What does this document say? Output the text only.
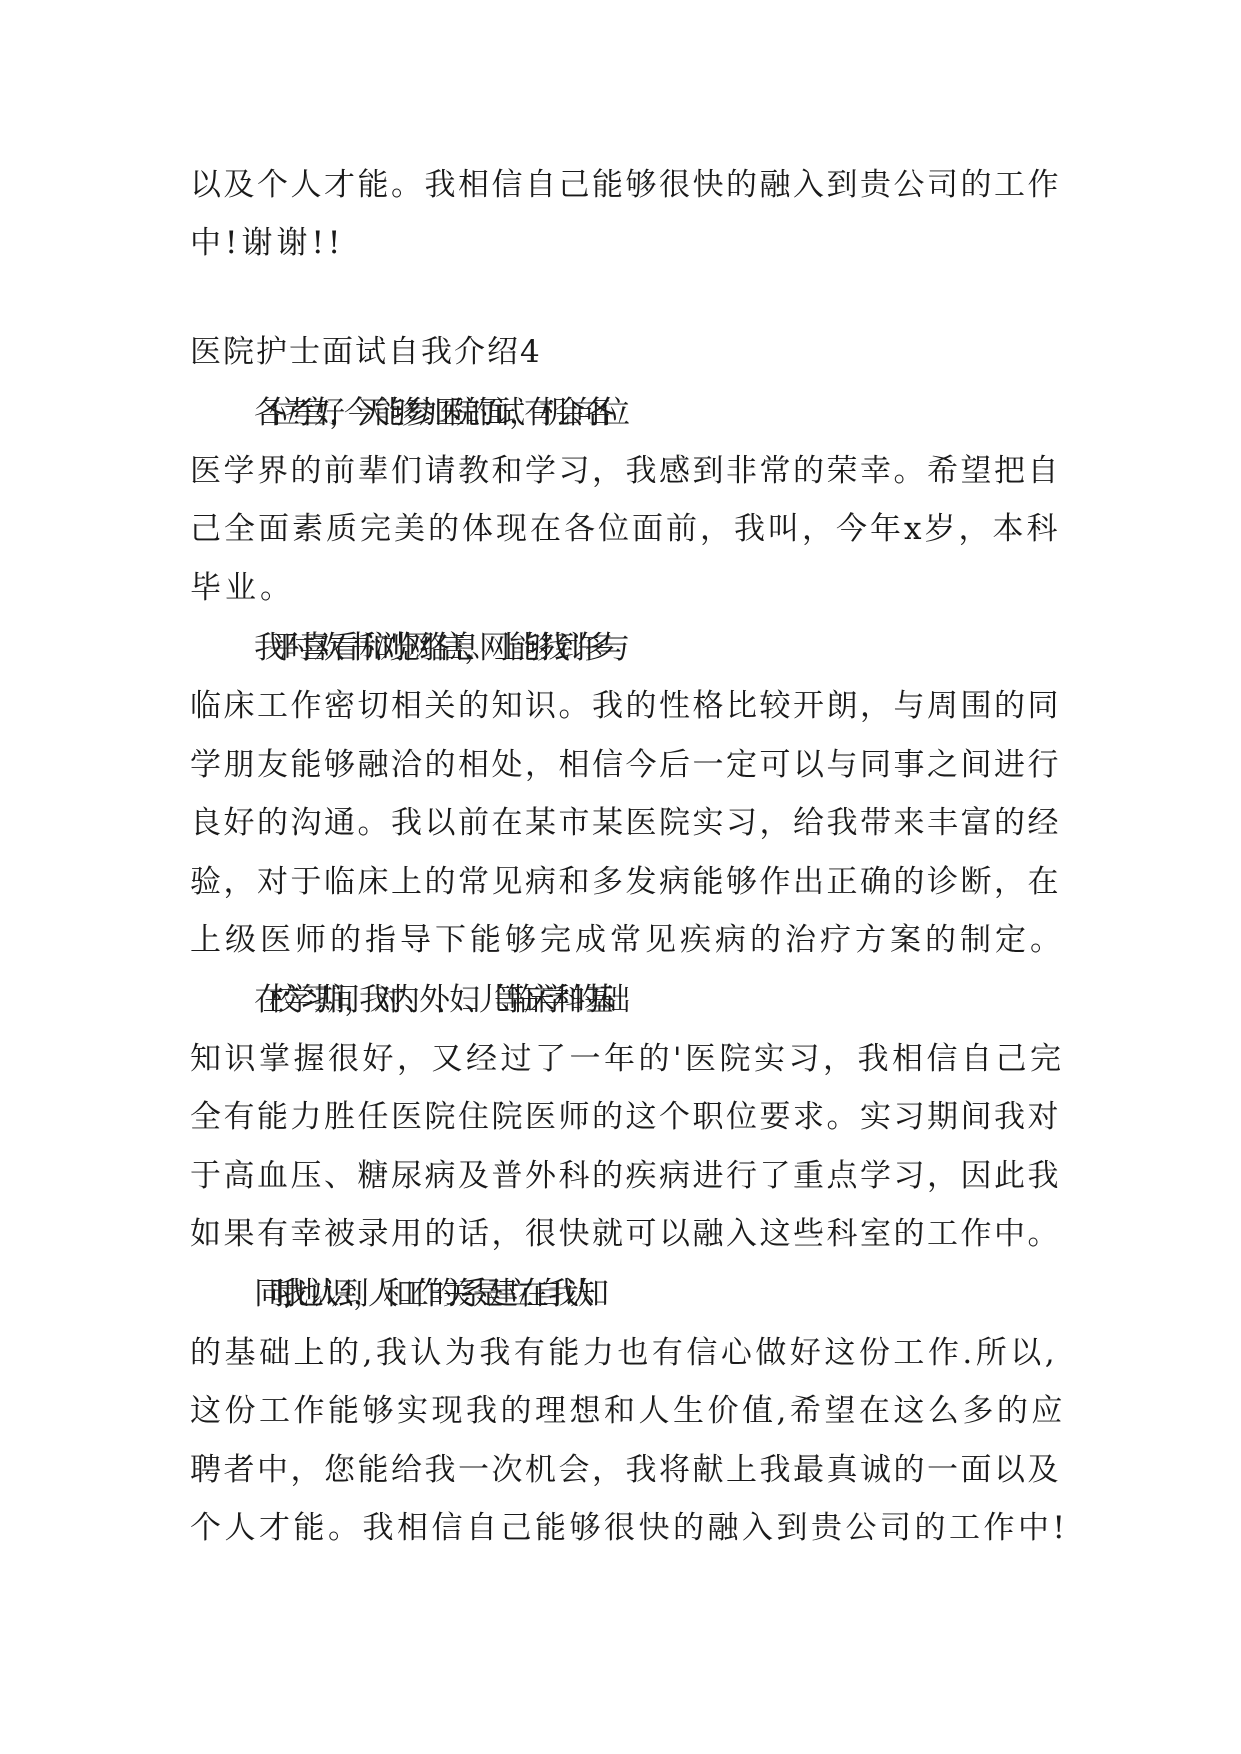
以及个人才能。我相信自己能够很快的融入到贵公司的工作
中!谢谢!!
医院护士面试自我介绍4
各位考官好，今天能够参加医院的面试，有机会向各位
医学界的前辈们请教和学习，我感到非常的荣幸。希望把自
己全面素质完美的体现在各位面前，我叫，今年x岁，本科
毕业。
我平时喜欢看书和浏览网络信息，网上能够找到许多与
临床工作密切相关的知识。我的性格比较开朗，与周围的同
学朋友能够融洽的相处，相信今后一定可以与同事之间进行
良好的沟通。我以前在某市某医院实习，给我带来丰富的经
验，对于临床上的常见病和多发病能够作出正确的诊断，在
上级医师的指导下能够完成常见疾病的治疗方案的制定。
在校学习期间，我对内、外、妇、儿等临床学科的基础
知识掌握很好，又经过了一年的'医院实习，我相信自己完
全有能力胜任医院住院医师的这个职位要求。实习期间我对
于高血压、糖尿病及普外科的疾病进行了重点学习，因此我
如果有幸被录用的话，很快就可以融入这些科室的工作中。
同时,我也认识到，人和工作的关系是建立在自我认知
的基础上的,我认为我有能力也有信心做好这份工作.所以,
这份工作能够实现我的理想和人生价值,希望在这么多的应
聘者中，您能给我一次机会，我将献上我最真诚的一面以及
个人才能。我相信自己能够很快的融入到贵公司的工作中!
